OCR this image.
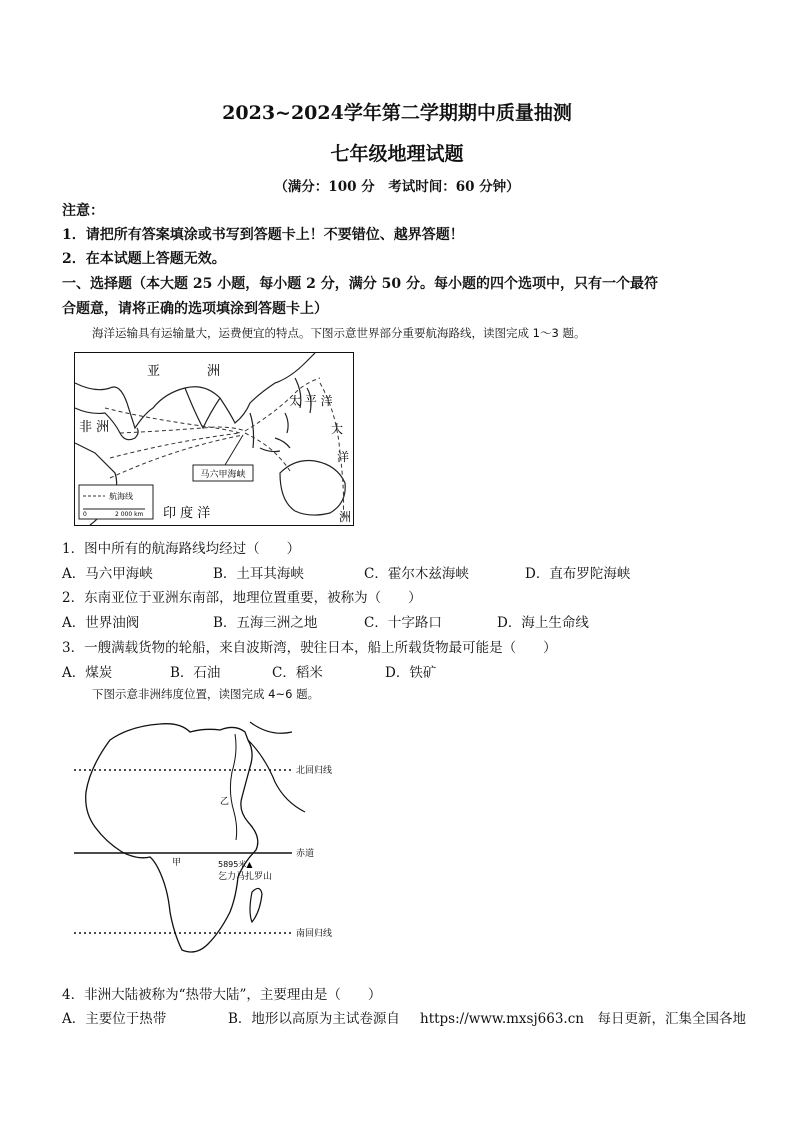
2023~2024学年第二学期期中质量抽测
七年级地理试题
（满分：100 分　考试时间：60 分钟）
注意：
1．请把所有答案填涂或书写到答题卡上！不要错位、越界答题！
2．在本试题上答题无效。
一、选择题（本大题 25 小题，每小题 2 分，满分 50 分。每小题的四个选项中，只有一个最符
合题意，请将正确的选项填涂到答题卡上）
海洋运输具有运输量大，运费便宜的特点。下图示意世界部分重要航海路线，读图完成 1～3 题。
马六甲海峡
亚	洲
非 洲
太 平 洋
大
洋
洲
印 度 洋
航海线
0	2 000 km
1．图中所有的航海路线均经过（　　）
A．马六甲海峡	B．土耳其海峡	C．霍尔木兹海峡	D．直布罗陀海峡
2．东南亚位于亚洲东南部，地理位置重要，被称为（　　）
A．世界油阀	B．五海三洲之地	C．十字路口	D．海上生命线
3．一艘满载货物的轮船，来自波斯湾，驶往日本，船上所载货物最可能是（　　）
A．煤炭	B．石油	C．稻米	D．铁矿
下图示意非洲纬度位置，读图完成 4~6 题。
北回归线
赤道
南回归线
甲
乙
5895米▲
乞力马扎罗山
4．非洲大陆被称为“热带大陆”，主要理由是（　　）
A．主要位于热带	B．地形以高原为主试卷源自 https://www.mxsj663.cn　每日更新，汇集全国各地
